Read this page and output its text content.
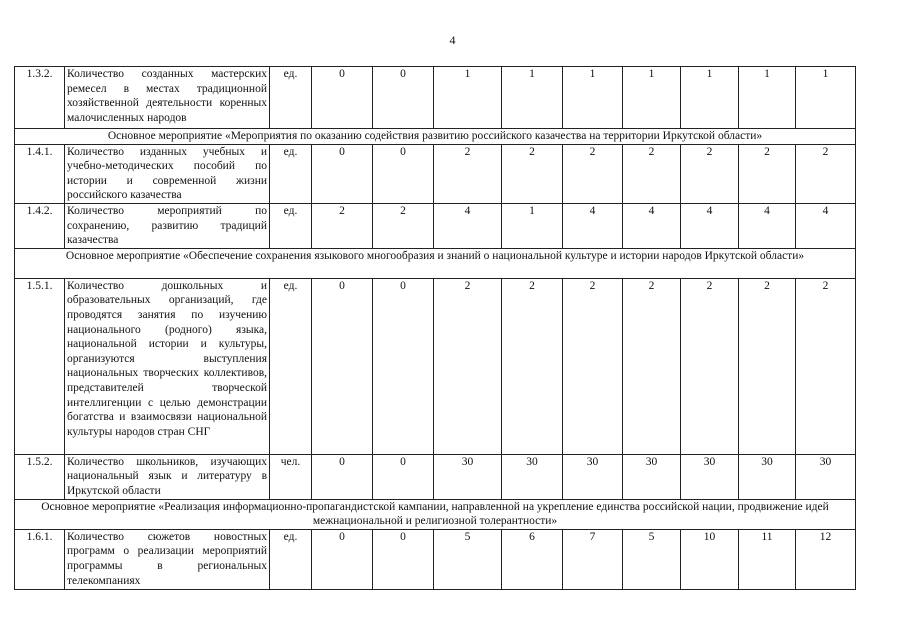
4
1.3.2.	Количество созданных мастерских ремесел в местах традиционной хозяйственной деятельности коренных малочисленных народов	ед.	0	0	1	1	1	1	1	1	1
Основное мероприятие «Мероприятия по оказанию содействия развитию российского казачества на территории Иркутской области»											
1.4.1.	Количество изданных учебных и учебно-методических пособий по истории и современной жизни российского казачества	ед.	0	0	2	2	2	2	2	2	2
1.4.2.	Количество мероприятий по сохранению, развитию традиций казачества	ед.	2	2	4	1	4	4	4	4	4
Основное мероприятие «Обеспечение сохранения языкового многообразия и знаний о национальной культуре и истории народов Иркутской области»											
1.5.1.	Количество дошкольных и образовательных организаций, где проводятся занятия по изучению национального (родного) языка, национальной истории и культуры, организуются выступления национальных творческих коллективов, представителей творческой интеллигенции с целью демонстрации богатства и взаимосвязи национальной культуры народов стран СНГ	ед.	0	0	2	2	2	2	2	2	2
1.5.2.	Количество школьников, изучающих национальный язык и литературу в Иркутской области	чел.	0	0	30	30	30	30	30	30	30
Основное мероприятие «Реализация информационно-пропагандистской кампании, направленной на укрепление единства российской нации, продвижение идей межнациональной и религиозной толерантности»											
1.6.1.	Количество сюжетов новостных программ о реализации мероприятий программы в региональных телекомпаниях	ед.	0	0	5	6	7	5	10	11	12
